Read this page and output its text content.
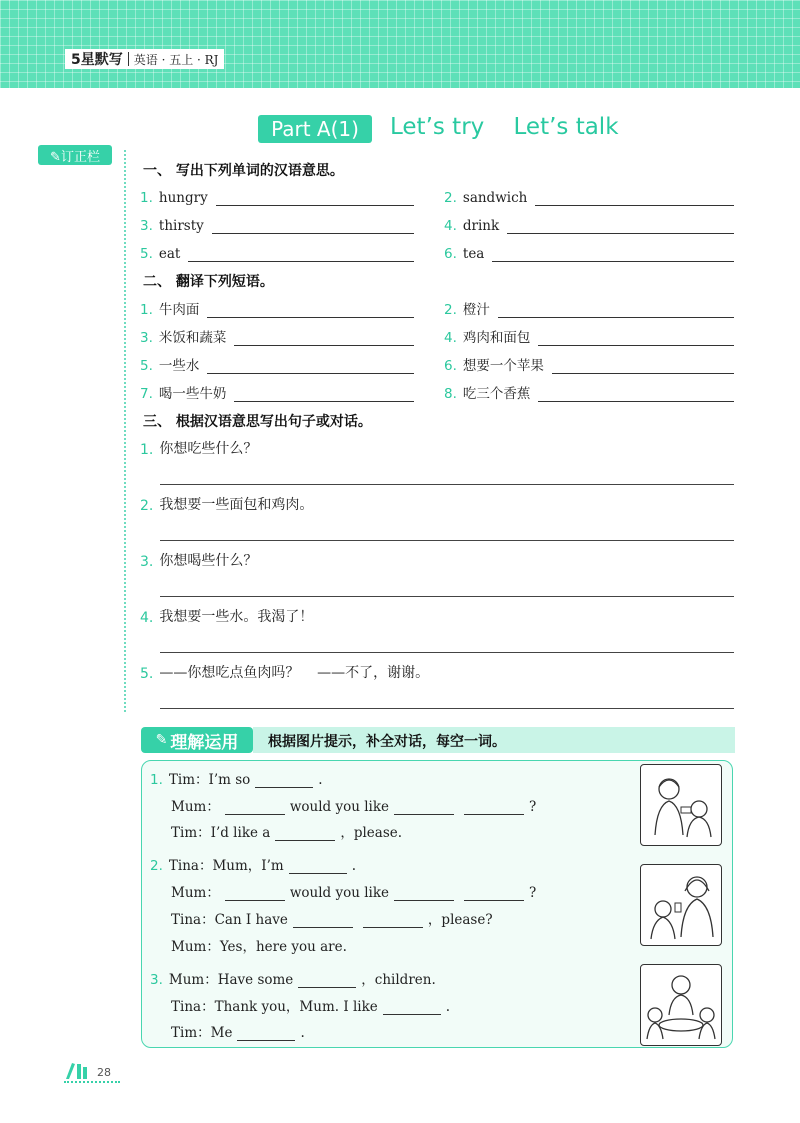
5星默写 英语 · 五上 · RJ
Part A(1)	Let’s try    Let’s talk
✎订正栏
一、 写出下列单词的汉语意思。
1. hungry	2. sandwich
3. thirsty	4. drink
5. eat	6. tea
二、 翻译下列短语。
1. 牛肉面	2. 橙汁
3. 米饭和蔬菜	4. 鸡肉和面包
5. 一些水	6. 想要一个苹果
7. 喝一些牛奶	8. 吃三个香蕉
三、 根据汉语意思写出句子或对话。
1. 你想吃些什么？
2. 我想要一些面包和鸡肉。
3. 你想喝些什么？
4. 我想要一些水。我渴了！
5. ——你想吃点鱼肉吗？    ——不了，谢谢。
✎ 理解运用 根据图片提示，补全对话，每空一词。
1. Tim：I’m so	.
Mum：	would you like	?
Tim：I’d like a	，please.
2. Tina：Mum，I’m	.
Mum：	would you like	?
Tina：Can I have	，please?
Mum：Yes，here you are.
3. Mum：Have some	，children.
Tina：Thank you，Mum. I like	.
Tim：Me	.
28
